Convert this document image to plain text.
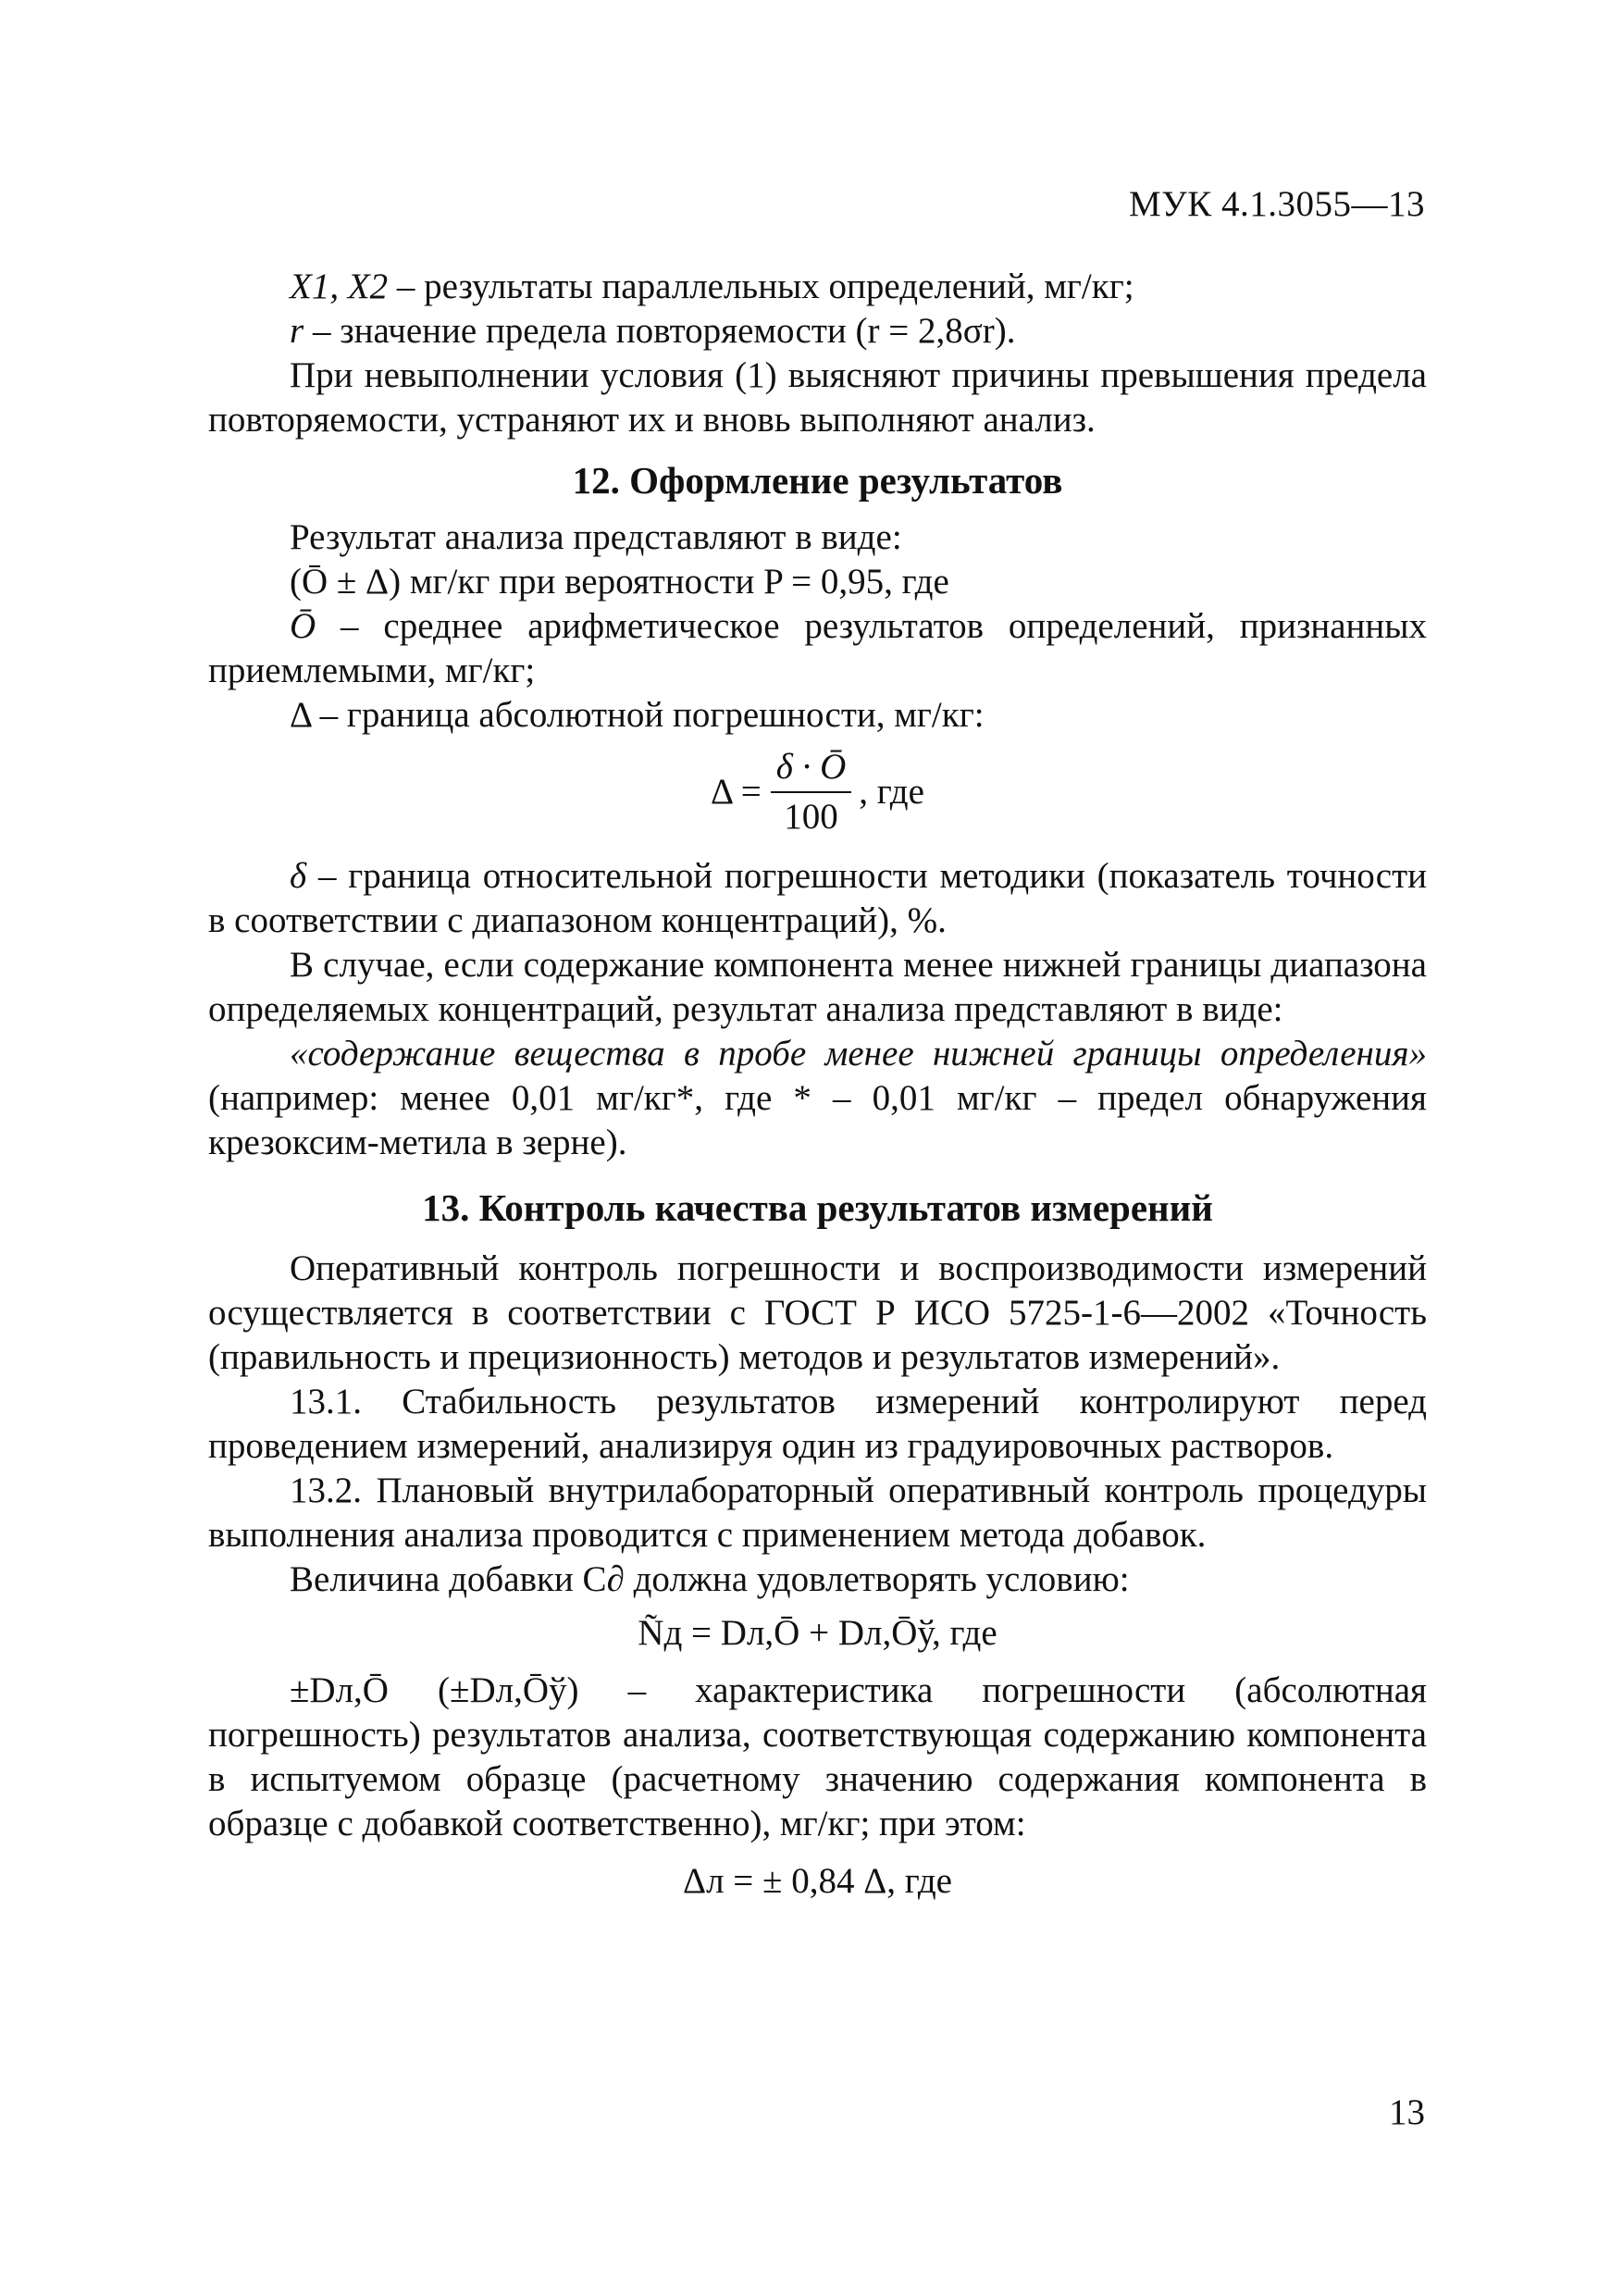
МУК 4.1.3055—13

X1, X2 – результаты параллельных определений, мг/кг;

r – значение предела повторяемости (r = 2,8σr).

При невыполнении условия (1) выясняют причины превышения предела повторяемости, устраняют их и вновь выполняют анализ.

12. Оформление результатов

Результат анализа представляют в виде:

(Ō ± Δ) мг/кг при вероятности P = 0,95, где

Ō – среднее арифметическое результатов определений, признанных приемлемыми, мг/кг;

Δ – граница абсолютной погрешности, мг/кг:

$\Delta = \frac{\delta \cdot Ō}{100}$ , где

δ – граница относительной погрешности методики (показатель точности в соответствии с диапазоном концентраций), %.

В случае, если содержание компонента менее нижней границы диапазона определяемых концентраций, результат анализа представляют в виде:

«содержание вещества в пробе менее нижней границы определения» (например: менее 0,01 мг/кг*, где * – 0,01 мг/кг – предел обнаружения крезоксим-метила в зерне).

13. Контроль качества результатов измерений

Оперативный контроль погрешности и воспроизводимости измерений осуществляется в соответствии с ГОСТ Р ИСО 5725-1-6—2002 «Точность (правильность и прецизионность) методов и результатов измерений».

13.1. Стабильность результатов измерений контролируют перед проведением измерений, анализируя один из градуировочных растворов.

13.2. Плановый внутрилабораторный оперативный контроль процедуры выполнения анализа проводится с применением метода добавок.

Величина добавки С∂ должна удовлетворять условию:

Ñд = Dл,Ō + Dл,Ōў, где

±Dл,Ō (±Dл,Ōў) – характеристика погрешности (абсолютная погрешность) результатов анализа, соответствующая содержанию компонента в испытуемом образце (расчетному значению содержания компонента в образце с добавкой соответственно), мг/кг; при этом:

Δл = ± 0,84 Δ, где
13
